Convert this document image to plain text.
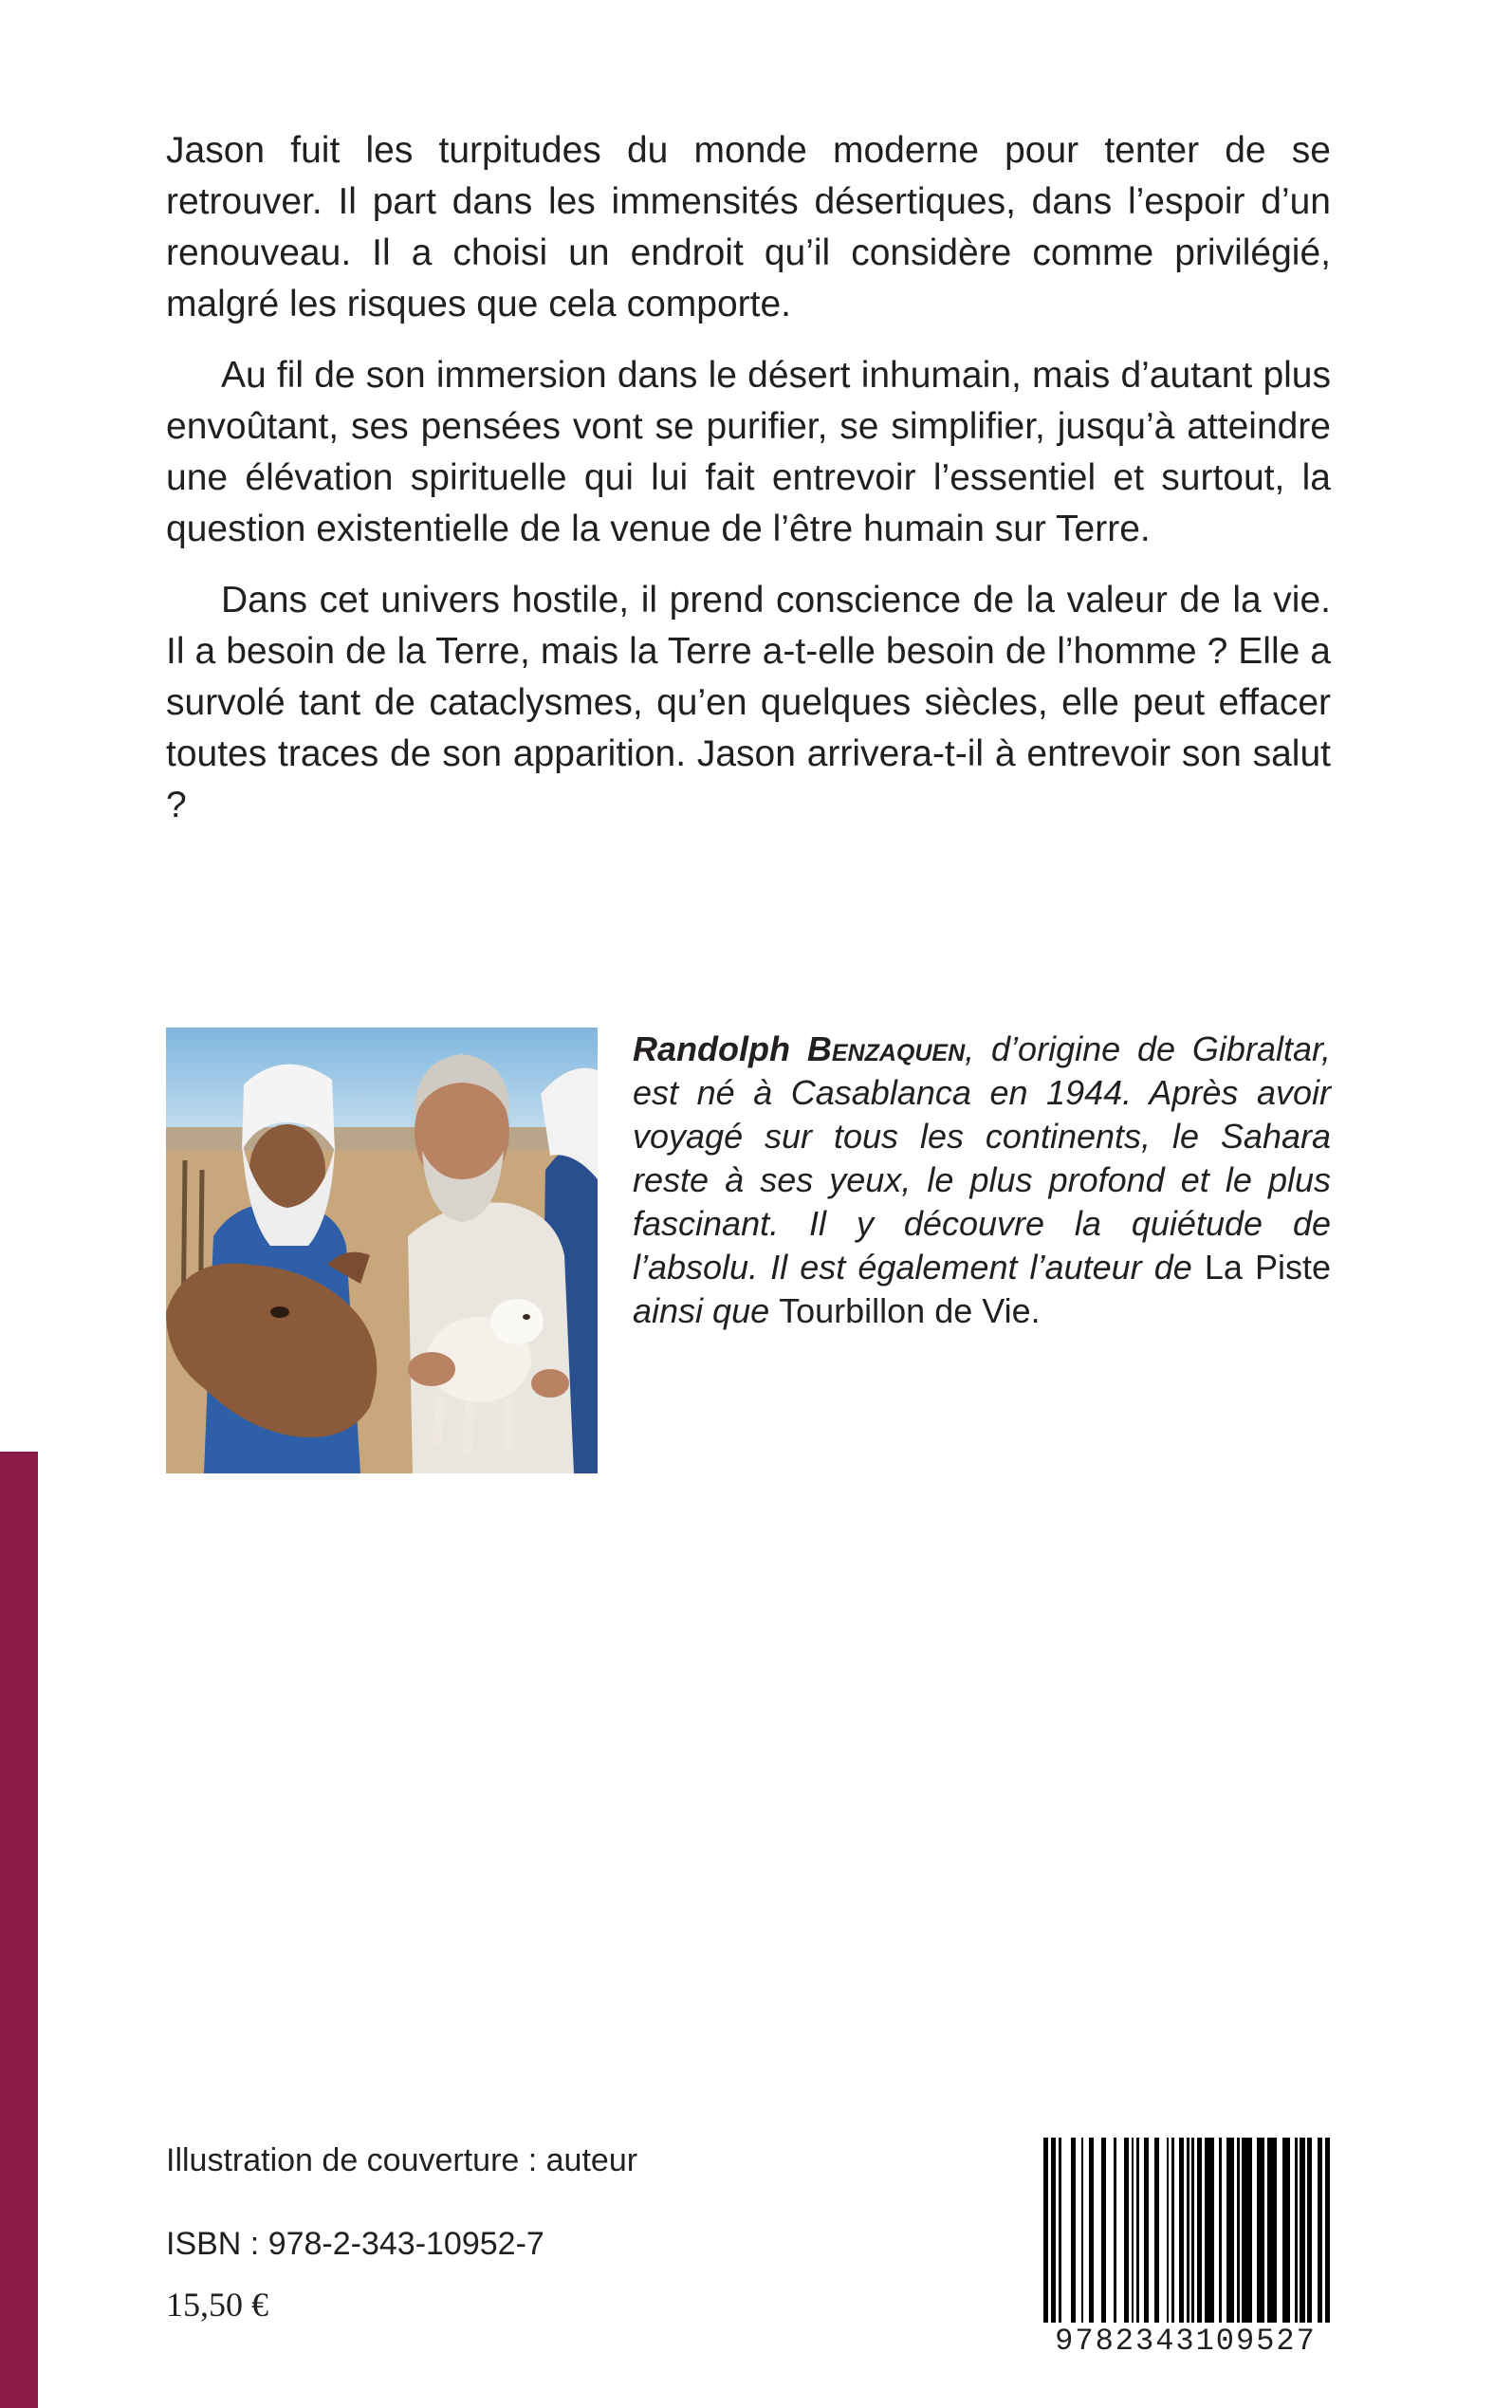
Jason fuit les turpitudes du monde moderne pour tenter de se retrouver. Il part dans les immensités désertiques, dans l’espoir d’un renouveau. Il a choisi un endroit qu’il considère comme privilégié, malgré les risques que cela comporte.

Au fil de son immersion dans le désert inhumain, mais d’autant plus envoûtant, ses pensées vont se purifier, se simplifier, jusqu’à atteindre une élévation spirituelle qui lui fait entrevoir l’essentiel et surtout, la question existentielle de la venue de l’être humain sur Terre.

Dans cet univers hostile, il prend conscience de la valeur de la vie. Il a besoin de la Terre, mais la Terre a-t-elle besoin de l’homme ? Elle a survolé tant de cataclysmes, qu’en quelques siècles, elle peut effacer toutes traces de son apparition. Jason arrivera-t-il à entrevoir son salut ?

Randolph Benzaquen, d’origine de Gibraltar, est né à Casablanca en 1944. Après avoir voyagé sur tous les continents, le Sahara reste à ses yeux, le plus profond et le plus fascinant. Il y découvre la quiétude de l’absolu. Il est également l’auteur de La Piste ainsi que Tourbillon de Vie.
Illustration de couverture : auteur
ISBN : 978-2-343-10952-7
15,50 €
9782343109527
